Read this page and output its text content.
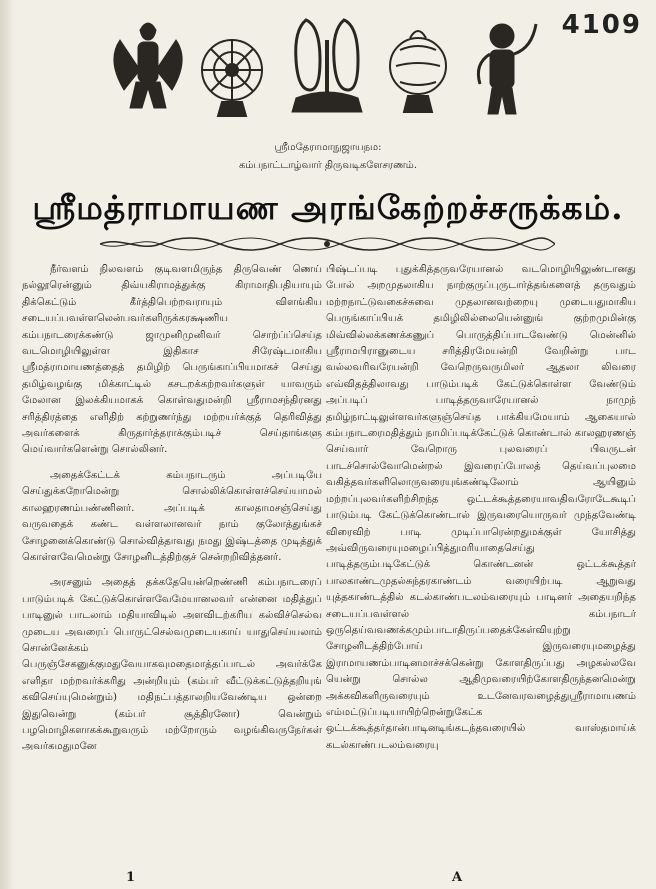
4109
ஸ்ரீமதேராமாநுஜாயநம:
கம்பநாட்டாழ்வார் திருவடிகளேசரணம்.
ஸ்ரீமத்ராமாயண அரங்கேற்றச்சருக்கம்.

நீர்வளம் நிலவளம் குடிவளமிருந்த திருவெண் ணெய் நல்லூரென்னும் திவ்யகிராமத்துக்கு கிராமாதிபதியாயும் திக்கெட்டும் கீர்த்திபெற்றவராயும் விளங்கிய சடையப்பவள்ளலென்பவர்களிருக்கரக்ஷணிய கம்பநாடரைக்கண்டு ஜாமுனிமுனிவர் சொற்ப்ப்செய்த வடமொழியிலுள்ள இதிகாச சிரேஷ்டமாகிய ஸ்ரீமத்ராமாயணத்தைத் தமிழிற் பெருங்காப்பியமாகச் செய்து தமிழ்வழங்கு மிக்காட்டில் கசடறக்கற்றவர்களுள் யாவரும் மேலான இலக்கியமாகக் கொள்வதுமன்றி ஸ்ரீராமசந்திரனது சரித்திரத்தை எளிதிற் கற்றுணர்ந்து மற்றயர்க்குத் தெரிவித்து அவர்களைக் கிருதார்த்தராக்கும்படிச் செய்தாங்களு மெய்வார்களென்று சொல்லினர்.

அதைக்கேட்டக் கம்பநாடரும் அப்படியே செய்துக்கறோமென்று சொல்லிக்கொள்ளச்செய்யாமல் காலஹரணம்பண்ணினர். அப்படிக் காலதாமசஞ்செய்து வருவதைக் கண்ட வள்ளலானவர் நாம் குலோத்துங்கச் சோழனைக்கொண்டு சொல்வித்தாவது நமது இஷ்டத்தை முடித்துக் கொள்ளவேமென்று சோழனிடத்திற்குச் சென்றறிவித்தனர்.

அரசனும் அதைத் தக்கதேயென்றெண்ணி கம்பநாடரைப் பாடும்படிக் கேட்டுக்கொள்ளவேமேயானலவர் என்னை மதித்துப் பாடினுல் பாடலாம் மதியாவிடில் அளவிடற்கரிய கல்விச்செல்வ முடைய அவரைப் பொருட்செல்வமுடையகாய் யாதுசெய்யலாம் சொன்னேக்கம் பெருஞ்சேகனுக்குமதுவேயாகவுமதைமாத்தப்பாடல் அவர்க்கே எளிதா மற்றவர்க்கரிது அன்றியும் (கம்பர் வீட்டுக்கட்டுத்தறியுங் கவிசெய்யுமென்றும்) மதிநட்பத்தாலறியவேண்டிய ஒன்றை இதுவென்று (கம்பர் சூத்திரனோ) வென்றும் பழமொழிகளாகக்கூறுவரும் மற்றோரும் வழங்கிவருநேர்கள் அவர்கமதுமனே

பிஷ்டப்படி புதுக்கித்தருவரேயானல் வடமொழியிலுண்டானது போல் அறமுதலாகிய நாற்குருப்புருடார்த்தங்களைத் தருவதும் மற்றநாட்டுவகைச்சுவை முதலானவற்றையு முடையதுமாகிய பெருங்காப்பியக் தமிழிலில்லையென்னுங் குற்றமுமின்கு மிவ்வில்லக்கணக்கணுப் பொருத்திப்பாடவேண்டு மென்னில் ஸ்ரீராமபிரானுடைய சரித்திரமேயன்றி வேறின்று பாட வல்லவரிவரேயன்றி வேறெருவருமிலர் ஆதலா லிவரை எவ்விதத்திலாவது பாடும்படிக் கேட்டுக்கொள்ள வேண்டும் அப்படிப் பாடித்தருவாரேயானல் நாமுந் தமிழ்நாட்டிலுள்ளவர்களுஞ்செய்த பாக்கியமேயாம் ஆகையால் கம்பநாடரைமதித்தும் நாமிப்படிக்கேட்டுக் கொண்டால் காலஹரணஞ் செய்வார் வேறொரு புலவரைப் பிவருடன் பாடச்சொல்வோமென்றல் இவரைப்போலத் தெய்வப்புலமை வகித்தவர்களிலொருவரையுங்கண்டிலோம் ஆயினும் மற்றப்புலவர்களிற்சிறந்த ஒட்டக்கூத்தரையாவதிவரோடேகூடிப் பாடும்படி கேட்டுக்கொண்டால் இருவரையொருவர் முந்தவேண்டி விரைவிற் பாடி முடிப்பாரென்றதுமக்குள் யோசித்து அவ்விருவரையுமழைப்பித்துமரியாதைசெய்து பாடித்தரும்படிகேட்டுக் கொண்டனன் ஒட்டக்கூத்தர் பாலகாண்டமுதல்சுந்தரகாண்டம் வரையிற்படி ஆறுவது யுத்தகாண்டத்தில் கடல்காண்படலம்வரையும் பாடினர் அதையறிந்த சடையப்பவள்ளல் கம்பநாடர் ஒருதெய்வவணக்கமும்பாடாதிருப்பதைக்கேள்வியுற்று சோழனிடத்திற்போய் இருவரையுமழைத்து இராமாயணம்பாடினமாச்சக்கென்று கோளதிருப்பது அழகல்லவே யென்று சொல்ல ஆதிமுவரையிற்கோளதிருந்தனமென்று அக்கவிகளிருவரையும் உடனேவரவழைத்துஸ்ரீராமாயணம் எம்மட்டுப்படியாயிற்றென்றுகேட்க ஒட்டக்கூத்தர்தான்பாடினடிங்கடந்தவரையில் வாஸ்தமாய்க் கடல்காண்படலம்வரையு

1	A
